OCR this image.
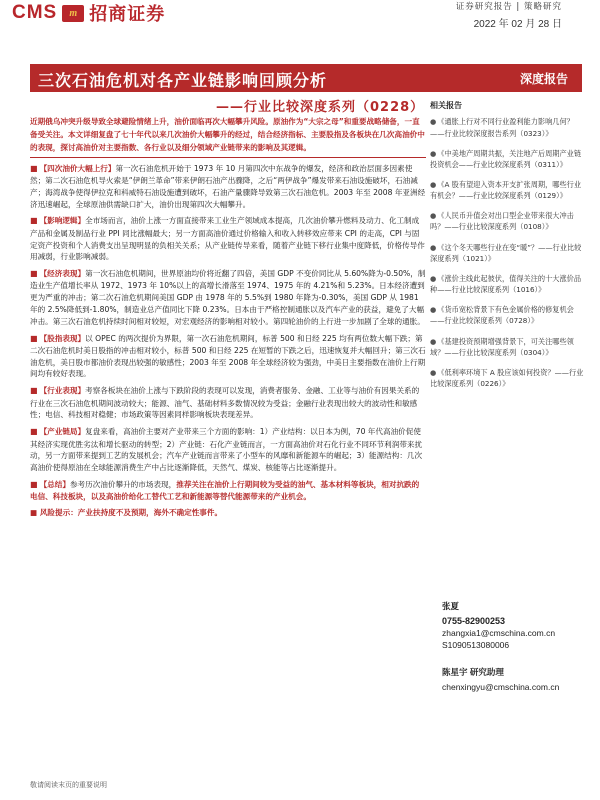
CMS	m 招商证券	证券研究报告 | 策略研究
2022 年 02 月 28 日
三次石油危机对各产业链影响回顾分析	深度报告
——行业比较深度系列（0228）
近期俄乌冲突升级导致全球避险情绪上升，油价面临再次大幅攀升风险。原油作为“大宗之母”和重要战略储备，一直备受关注。本文详细复盘了七十年代以来几次油价大幅攀升的经过，结合经济指标、主要股指及各板块在几次高油价中的表现，探讨高油价对主要指数、各行业以及细分领域产业链带来的影响及其逻辑。
■ 【四次油价大幅上行】第一次石油危机开始于 1973 年 10 月第四次中东战争的爆发，经济和政治层面多因素使然；第二次石油危机导火索是“伊朗兰革命”带来伊朗石油产出骤降，之后“两伊战争”爆发带来石油设施破坏，石油减产；海湾战争使得伊拉克和科威特石油设施遭到破坏，石油产量骤降导致第三次石油危机。2003 年至 2008 年亚洲经济迅速崛起，全球原油供需缺口扩大，油价出现第四次大幅攀升。
■ 【影响逻辑】全市场而言，油价上涨一方面直接带来工业生产领域成本提高，几次油价攀升燃料及动力、化工制成产品和金属及制品行业 PPI 同比涨幅最大；另一方面高油价通过价格输入和收入转移效应带来 CPI 的走高，CPI 与固定资产投资和个人消费支出呈现明显的负相关关系；从产业链传导来看，随着产业链下移行业集中度降低，价格传导作用减弱，行业影响减弱。
■ 【经济表现】第一次石油危机期间，世界原油均价将近翻了四倍，美国 GDP 不变价同比从 5.60%降为-0.50%，制造业生产值增长率从 1972、1973 年 10%以上的高增长滑落至 1974、1975 年的 4.21%和 5.23%。日本经济遭到更为严重的冲击；第二次石油危机期间美国 GDP 由 1978 年的 5.5%到 1980 年降为-0.30%，美国 GDP 从 1981 年的 2.5%降低到-1.80%，制造业总产值同比下降 0.23%。日本由于严格控制通胀以及汽车产业的获益，避免了大幅冲击。第三次石油危机持续时间相对较短，对宏观经济的影响相对较小。第四轮油价的上行进一步加剧了全球的通胀。
■ 【股指表现】以 OPEC 的两次提价为界限，第一次石油危机期间，标普 500 和日经 225 均有两位数大幅下跌；第二次石油危机时美日股指的冲击相对较小，标普 500 和日经 225 在短暂的下跌之后，迅速恢复并大幅回升；第三次石油危机，美日股市都油价表现出较强的敏感性；2003 年至 2008 年全球经济较为强劲，中美日主要指数在油价上行期间均有较好表现。
■ 【行业表现】考察各板块在油价上涨与下跌阶段的表现可以发现，消费者服务、金融、工业等与油价有因果关系的行业在三次石油危机期间波动较大；能源、油气、基础材料多数情况较为受益；金融行业表现出较大的波动性和敏感性；电信、科技相对稳健；市场政策等因素同样影响板块表现差异。
■ 【产业链局】复盘来看，高油价主要对产业带来三个方面的影响：1）产业结构：以日本为例，70 年代高油价促使其经济实现优胜劣汰和增长驱动的转型；2）产业链：石化产业链而言，一方面高油价对石化行业不同环节利润带来扰动，另一方面带来提到工艺的发展机会；汽车产业链而言带来了小型车的风靡和新能源车的崛起；3）能源结构：几次高油价使得原油在全球能源消费生产中占比逐渐降低，天然气、煤炭、核能等占比逐渐提升。
■ 【总结】参考历次油价攀升的市场表现，推荐关注在油价上行期间较为受益的油气、基本材料等板块，相对抗跌的电信、科技板块，以及高油价给化工替代工艺和新能源等替代能源带来的产业机会。
■ 风险提示：产业扶持度不及预期，海外不确定性事件。
相关报告
●《通胀上行对不同行业盈利能力影响几何？——行业比较深度报告系列（0323）》
●《中美地产周期共振，关注地产后周期产业链投资机会——行业比较深度系列（0311）》
●《A 股有望迎入资本开支扩张周期，哪些行业有机会？——行业比较深度系列（0129）》
●《人民币升值会对出口型企业带来很大冲击吗？——行业比较深度系列（0108）》
●《这个冬天哪些行业在变“暖”？——行业比较深度系列（1021）》
●《涨价主线此起彼伏，值得关注的十大涨价品种——行业比较深度系列（1016）》
●《货币宽松背景下有色金属价格的修复机会——行业比较深度系列（0728）》
●《基建投资预期增强背景下，可关注哪些领域？——行业比较深度系列（0304）》
●《低利率环境下 A 股应该如何投资？——行业比较深度系列（0226）》
张夏
0755-82900253
zhangxia1@cmschina.com.cn
S1090513080006
陈星宇 研究助理
chenxingyu@cmschina.com.cn
敬请阅读末页的重要说明
